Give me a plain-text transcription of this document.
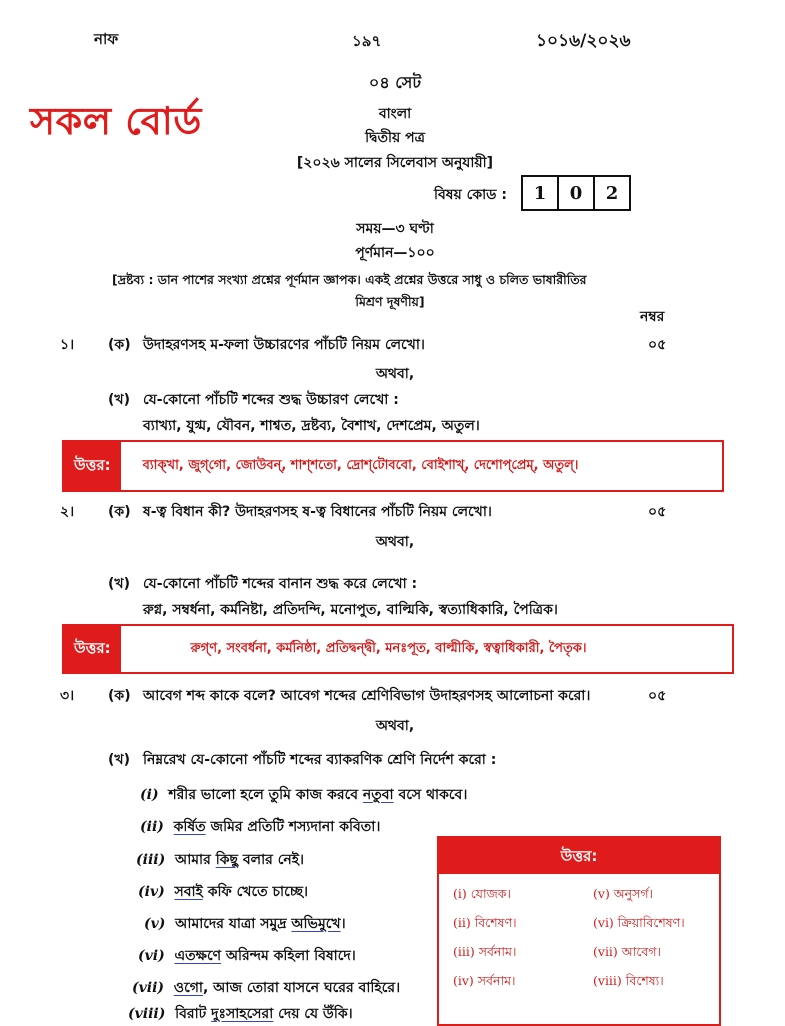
নাফ	১৯৭	১০১৬/২০২৬
সকল বোর্ড
০৪ সেট
বাংলা
দ্বিতীয় পত্র
[২০২৬ সালের সিলেবাস অনুযায়ী]
বিষয় কোড :	1	0	2
সময়—৩ ঘণ্টা
পূর্ণমান—১০০
[দ্রষ্টব্য : ডান পাশের সংখ্যা প্রশ্নের পূর্ণমান জ্ঞাপক। একই প্রশ্নের উত্তরে সাধু ও চলিত ভাষারীতির
মিশ্রণ দূষণীয়]
নম্বর
১। (ক) উদাহরণসহ ম-ফলা উচ্চারণের পাঁচটি নিয়ম লেখো।	০৫
অথবা,
(খ) যে-কোনো পাঁচটি শব্দের শুদ্ধ উচ্চারণ লেখো :
ব্যাখ্যা, যুগ্ম, যৌবন, শাশ্বত, দ্রষ্টব্য, বৈশাখ, দেশপ্রেম, অতুল।
উত্তর:	ব্যাক্‌খা, জুগ্‌গো, জোউবন্‌, শাশ্‌শতো, দ্রোশ্‌টোববো, বোইশাখ্‌, দেশোপ্‌প্রেম্‌, অতুল্‌।
২। (ক) ষ-ত্ব বিধান কী? উদাহরণসহ ষ-ত্ব বিধানের পাঁচটি নিয়ম লেখো।	০৫
অথবা,
(খ) যে-কোনো পাঁচটি শব্দের বানান শুদ্ধ করে লেখো :
রুগ্ন, সম্বর্ধনা, কর্মনিষ্টা, প্রতিদন্দি, মনোপুত, বাল্মিকি, স্বত্যাধিকারি, পৈত্রিক।
উত্তর:	রুগ্‌ণ, সংবর্ধনা, কর্মনিষ্ঠা, প্রতিদ্বন্দ্বী, মনঃপূত, বাল্মীকি, স্বত্বাধিকারী, পৈতৃক।
৩। (ক) আবেগ শব্দ কাকে বলে? আবেগ শব্দের শ্রেণিবিভাগ উদাহরণসহ আলোচনা করো।	০৫
অথবা,
(খ) নিম্নরেখ যে-কোনো পাঁচটি শব্দের ব্যাকরণিক শ্রেণি নির্দেশ করো :
(i) শরীর ভালো হলে তুমি কাজ করবে নতুবা বসে থাকবে।
(ii) কর্ষিত জমির প্রতিটি শস্যদানা কবিতা।
(iii) আমার কিছু বলার নেই।
(iv) সবাই কফি খেতে চাচ্ছে।
(v) আমাদের যাত্রা সমুদ্র অভিমুখে।
(vi) এতক্ষণে অরিন্দম কহিলা বিষাদে।
(vii) ওগো, আজ তোরা যাসনে ঘরের বাহিরে।
(viii) বিরাট দুঃসাহসেরা দেয় যে উঁকি।
উত্তর:
(i) যোজক।
(ii) বিশেষণ।
(iii) সর্বনাম।
(iv) সর্বনাম।
(v) অনুসর্গ।
(vi) ক্রিয়াবিশেষণ।
(vii) আবেগ।
(viii) বিশেষ্য।
